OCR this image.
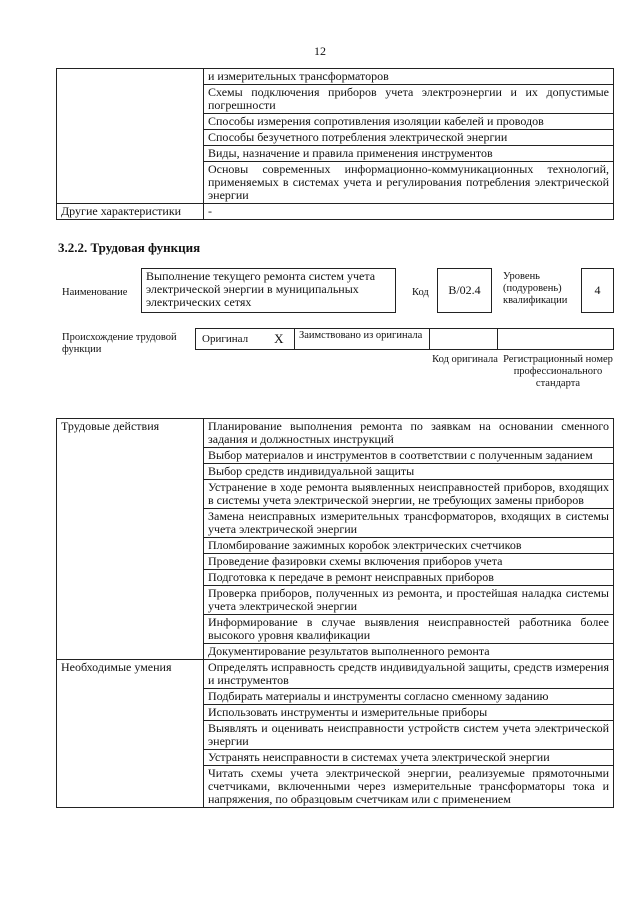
12
	и измерительных трансформаторов
	Схемы подключения приборов учета электроэнергии и их допустимые погрешности
	Способы измерения сопротивления изоляции кабелей и проводов
	Способы безучетного потребления электрической энергии
	Виды, назначение и правила применения инструментов
	Основы современных информационно-коммуникационных технологий, применяемых в системах учета и регулирования потребления электрической энергии
Другие характеристики	-
3.2.2. Трудовая функция
Наименование
Выполнение текущего ремонта систем учета электрической энергии в муниципальных электрических сетях
Код	B/02.4
Уровень (подуровень) квалификации
4
Происхождение трудовой функции
Оригинал X	Заимствовано из оригинала
Код оригинала Регистрационный номер профессионального стандарта
Трудовые действия	Планирование выполнения ремонта по заявкам на основании сменного задания и должностных инструкций
	Выбор материалов и инструментов в соответствии с полученным заданием
	Выбор средств индивидуальной защиты
	Устранение в ходе ремонта выявленных неисправностей приборов, входящих в системы учета электрической энергии, не требующих замены приборов
	Замена неисправных измерительных трансформаторов, входящих в системы учета электрической энергии
	Пломбирование зажимных коробок электрических счетчиков
	Проведение фазировки схемы включения приборов учета
	Подготовка к передаче в ремонт неисправных приборов
	Проверка приборов, полученных из ремонта, и простейшая наладка системы учета электрической энергии
	Информирование в случае выявления неисправностей работника более высокого уровня квалификации
	Документирование результатов выполненного ремонта
Необходимые умения	Определять исправность средств индивидуальной защиты, средств измерения и инструментов
	Подбирать материалы и инструменты согласно сменному заданию
	Использовать инструменты и измерительные приборы
	Выявлять и оценивать неисправности устройств систем учета электрической энергии
	Устранять неисправности в системах учета электрической энергии
	Читать схемы учета электрической энергии, реализуемые прямоточными счетчиками, включенными через измерительные трансформаторы тока и напряжения, по образцовым счетчикам или с применением
